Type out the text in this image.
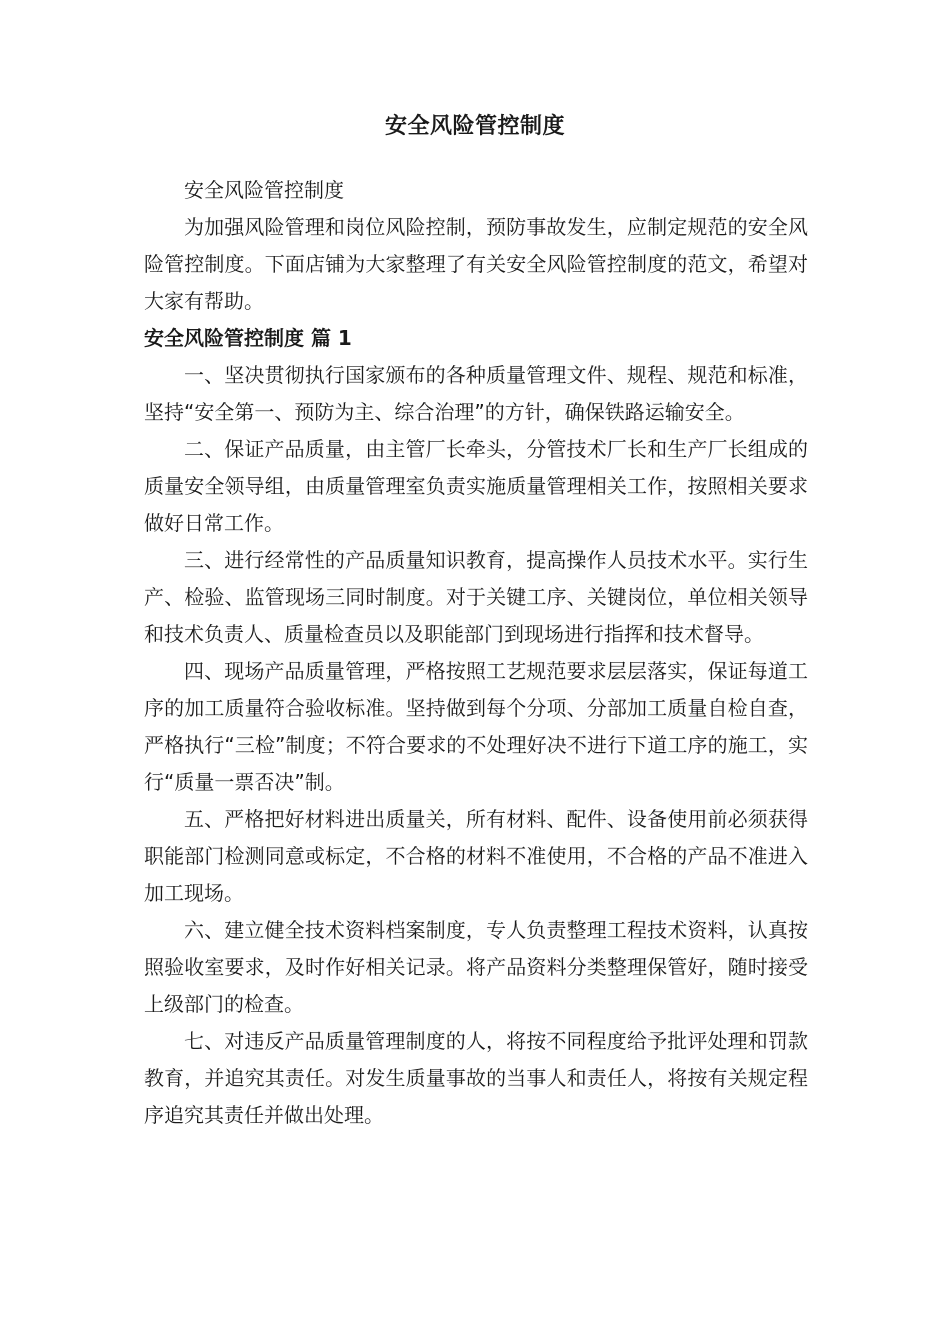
安全风险管控制度

安全风险管控制度

为加强风险管理和岗位风险控制，预防事故发生，应制定规范的安全风险管控制度。下面店铺为大家整理了有关安全风险管控制度的范文，希望对大家有帮助。

安全风险管控制度 篇 1

一、坚决贯彻执行国家颁布的各种质量管理文件、规程、规范和标准，坚持“安全第一、预防为主、综合治理”的方针，确保铁路运输安全。

二、保证产品质量，由主管厂长牵头，分管技术厂长和生产厂长组成的质量安全领导组，由质量管理室负责实施质量管理相关工作，按照相关要求做好日常工作。

三、进行经常性的产品质量知识教育，提高操作人员技术水平。实行生产、检验、监管现场三同时制度。对于关键工序、关键岗位，单位相关领导和技术负责人、质量检查员以及职能部门到现场进行指挥和技术督导。

四、现场产品质量管理，严格按照工艺规范要求层层落实，保证每道工序的加工质量符合验收标准。坚持做到每个分项、分部加工质量自检自查，严格执行“三检”制度；不符合要求的不处理好决不进行下道工序的施工，实行“质量一票否决”制。

五、严格把好材料进出质量关，所有材料、配件、设备使用前必须获得职能部门检测同意或标定，不合格的材料不准使用，不合格的产品不准进入加工现场。

六、建立健全技术资料档案制度，专人负责整理工程技术资料，认真按照验收室要求，及时作好相关记录。将产品资料分类整理保管好，随时接受上级部门的检查。

七、对违反产品质量管理制度的人，将按不同程度给予批评处理和罚款教育，并追究其责任。对发生质量事故的当事人和责任人，将按有关规定程序追究其责任并做出处理。
